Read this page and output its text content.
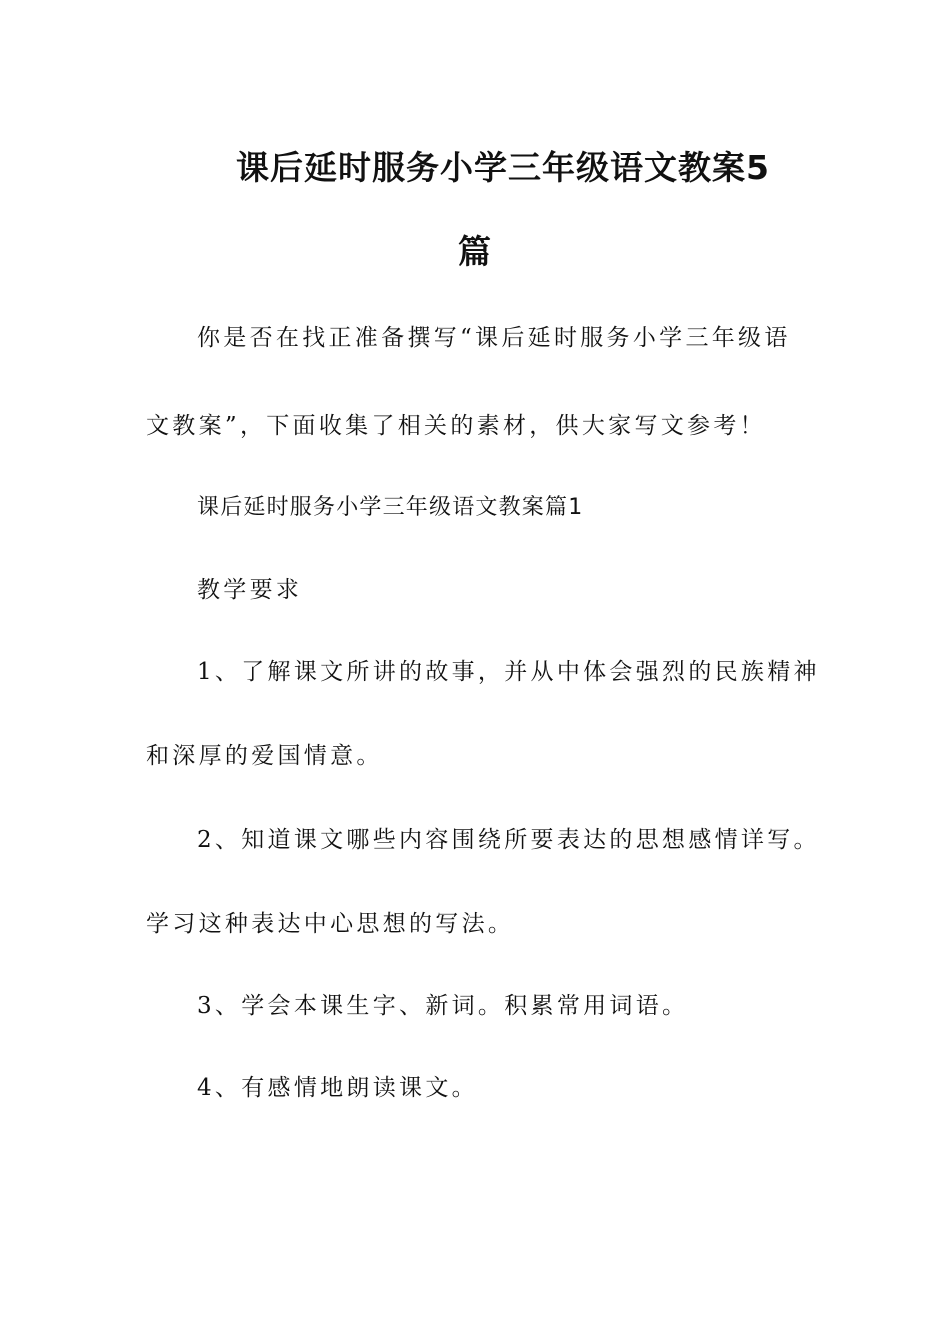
课后延时服务小学三年级语文教案5
篇
你是否在找正准备撰写“课后延时服务小学三年级语
文教案”，下面收集了相关的素材，供大家写文参考！
课后延时服务小学三年级语文教案篇1
教学要求
1、了解课文所讲的故事，并从中体会强烈的民族精神
和深厚的爱国情意。
2、知道课文哪些内容围绕所要表达的思想感情详写。
学习这种表达中心思想的写法。
3、学会本课生字、新词。积累常用词语。
4、有感情地朗读课文。
